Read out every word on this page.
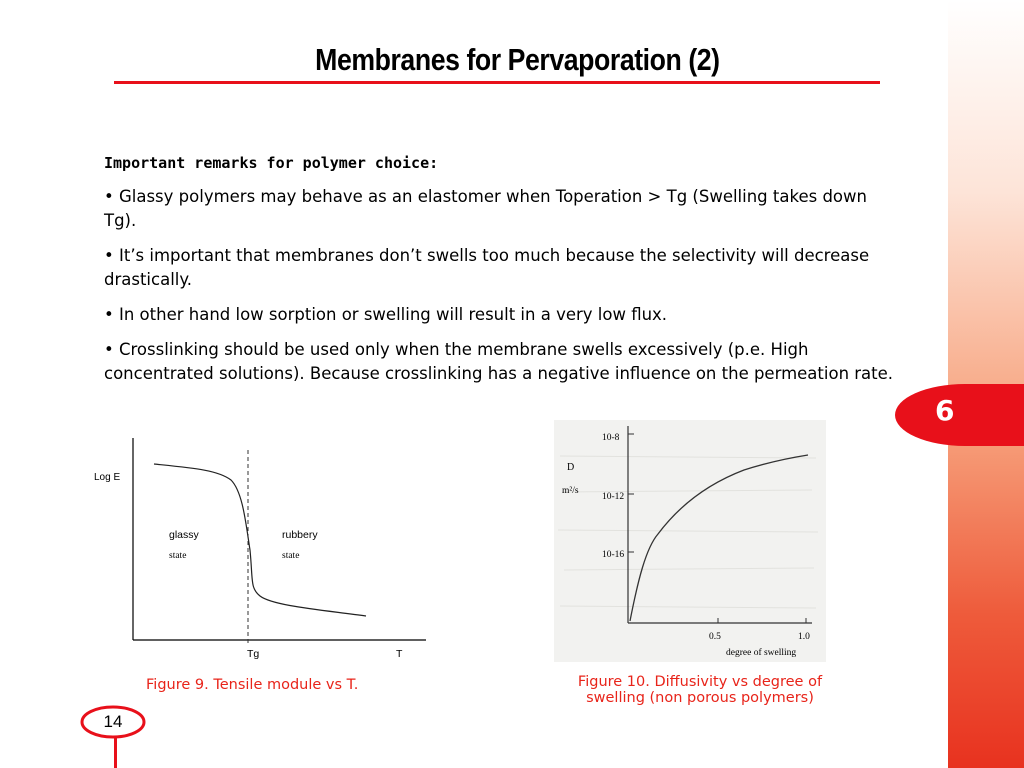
6
Membranes for Pervaporation (2)

Important remarks for polymer choice:

• Glassy polymers may behave as an elastomer when Toperation > Tg (Swelling takes down Tg).

• It’s important that membranes don’t swells too much because the selectivity will decrease drastically.

• In other hand low sorption or swelling will result in a very low flux.

• Crosslinking should be used only when the membrane swells excessively (p.e. High concentrated solutions). Because crosslinking has a negative influence on the permeation rate.

Log E
glassy
state
rubbery
state
Tg	T
Figure 9. Tensile module vs T.
D
m²/s
10-8
10-12
10-16
0.5	1.0
degree of swelling
Figure 10. Diffusivity vs degree of swelling (non porous polymers)
14
